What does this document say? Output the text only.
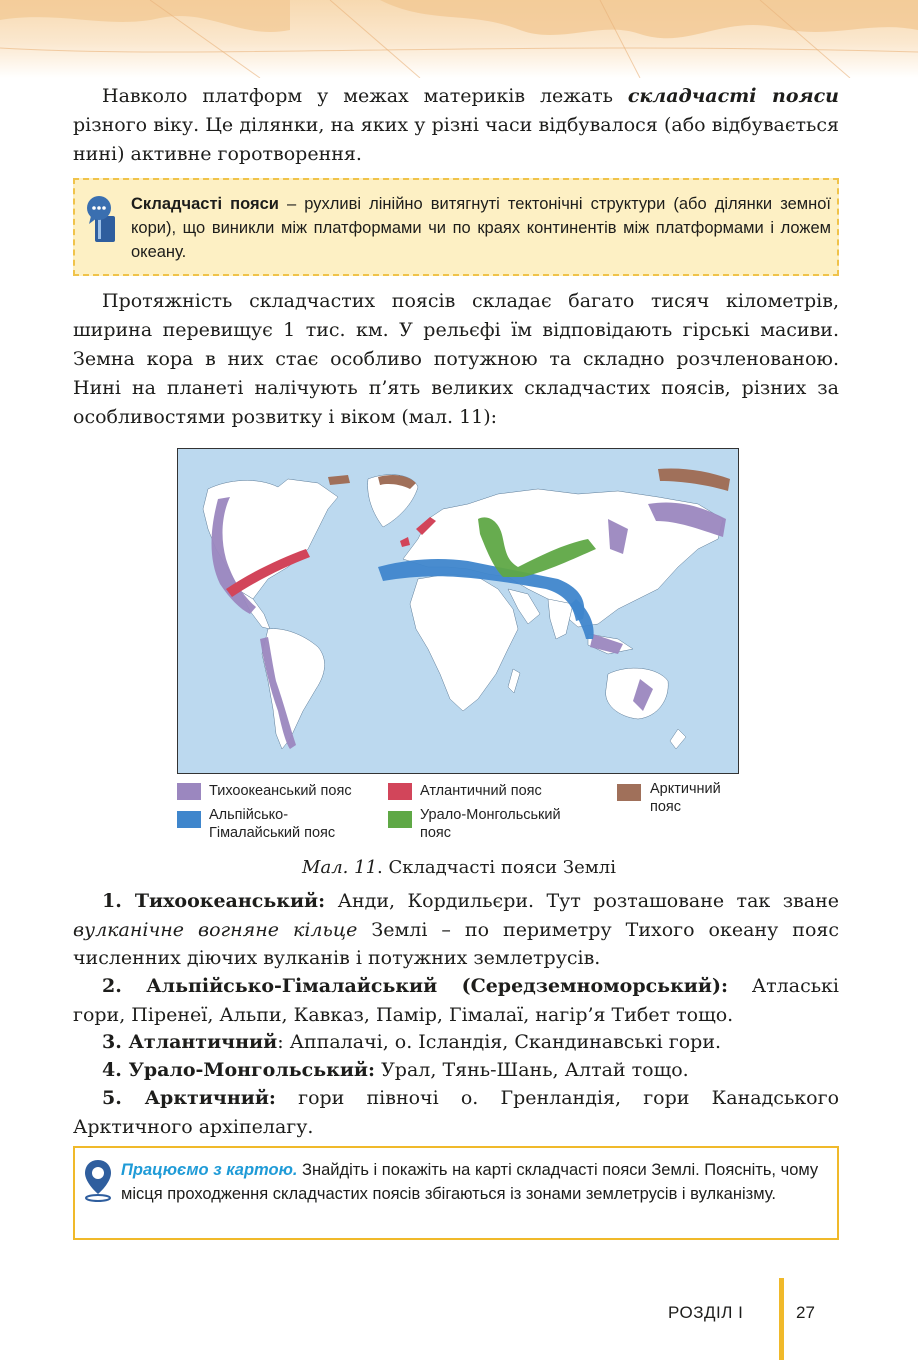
Навколо платформ у межах материків лежать складчасті пояси різного віку. Це ділянки, на яких у різні часи відбувалося (або відбувається нині) активне горотворення.

Складчасті пояси – рухливі лінійно витягнуті тектонічні структури (або ділянки земної кори), що виникли між платформами чи по краях континентів між платформами і ложем океану.

Протяжність складчастих поясів складає багато тисяч кілометрів, ширина перевищує 1 тис. км. У рельєфі їм відповідають гірські масиви. Земна кора в них стає особливо потужною та складно розчленованою. Нині на планеті налічують п’ять великих складчастих поясів, різних за особливостями розвитку і віком (мал. 11):

Тихоокеанський пояс
Альпійсько-Гімалайський пояс
Атлантичний пояс
Урало-Монгольський пояс
Арктичний пояс
Мал. 11. Складчасті пояси Землі

1. Тихоокеанський: Анди, Кордильєри. Тут розташоване так зване вулканічне вогняне кільце Землі – по периметру Тихого океану пояс численних діючих вулканів і потужних землетрусів.

2. Альпійсько-Гімалайський (Середземноморський): Атлаські гори, Піренеї, Альпи, Кавказ, Памір, Гімалаї, нагір’я Тибет тощо.

3. Атлантичний: Аппалачі, о. Ісландія, Скандинавські гори.

4. Урало-Монгольський: Урал, Тянь-Шань, Алтай тощо.

5. Арктичний: гори півночі о. Гренландія, гори Канадського Арктичного архіпелагу.

Працюємо з картою. Знайдіть і покажіть на карті складчасті пояси Землі. Поясніть, чому місця проходження складчастих поясів збігаються із зонами землетрусів і вулканізму.
РОЗДІЛ І	27
